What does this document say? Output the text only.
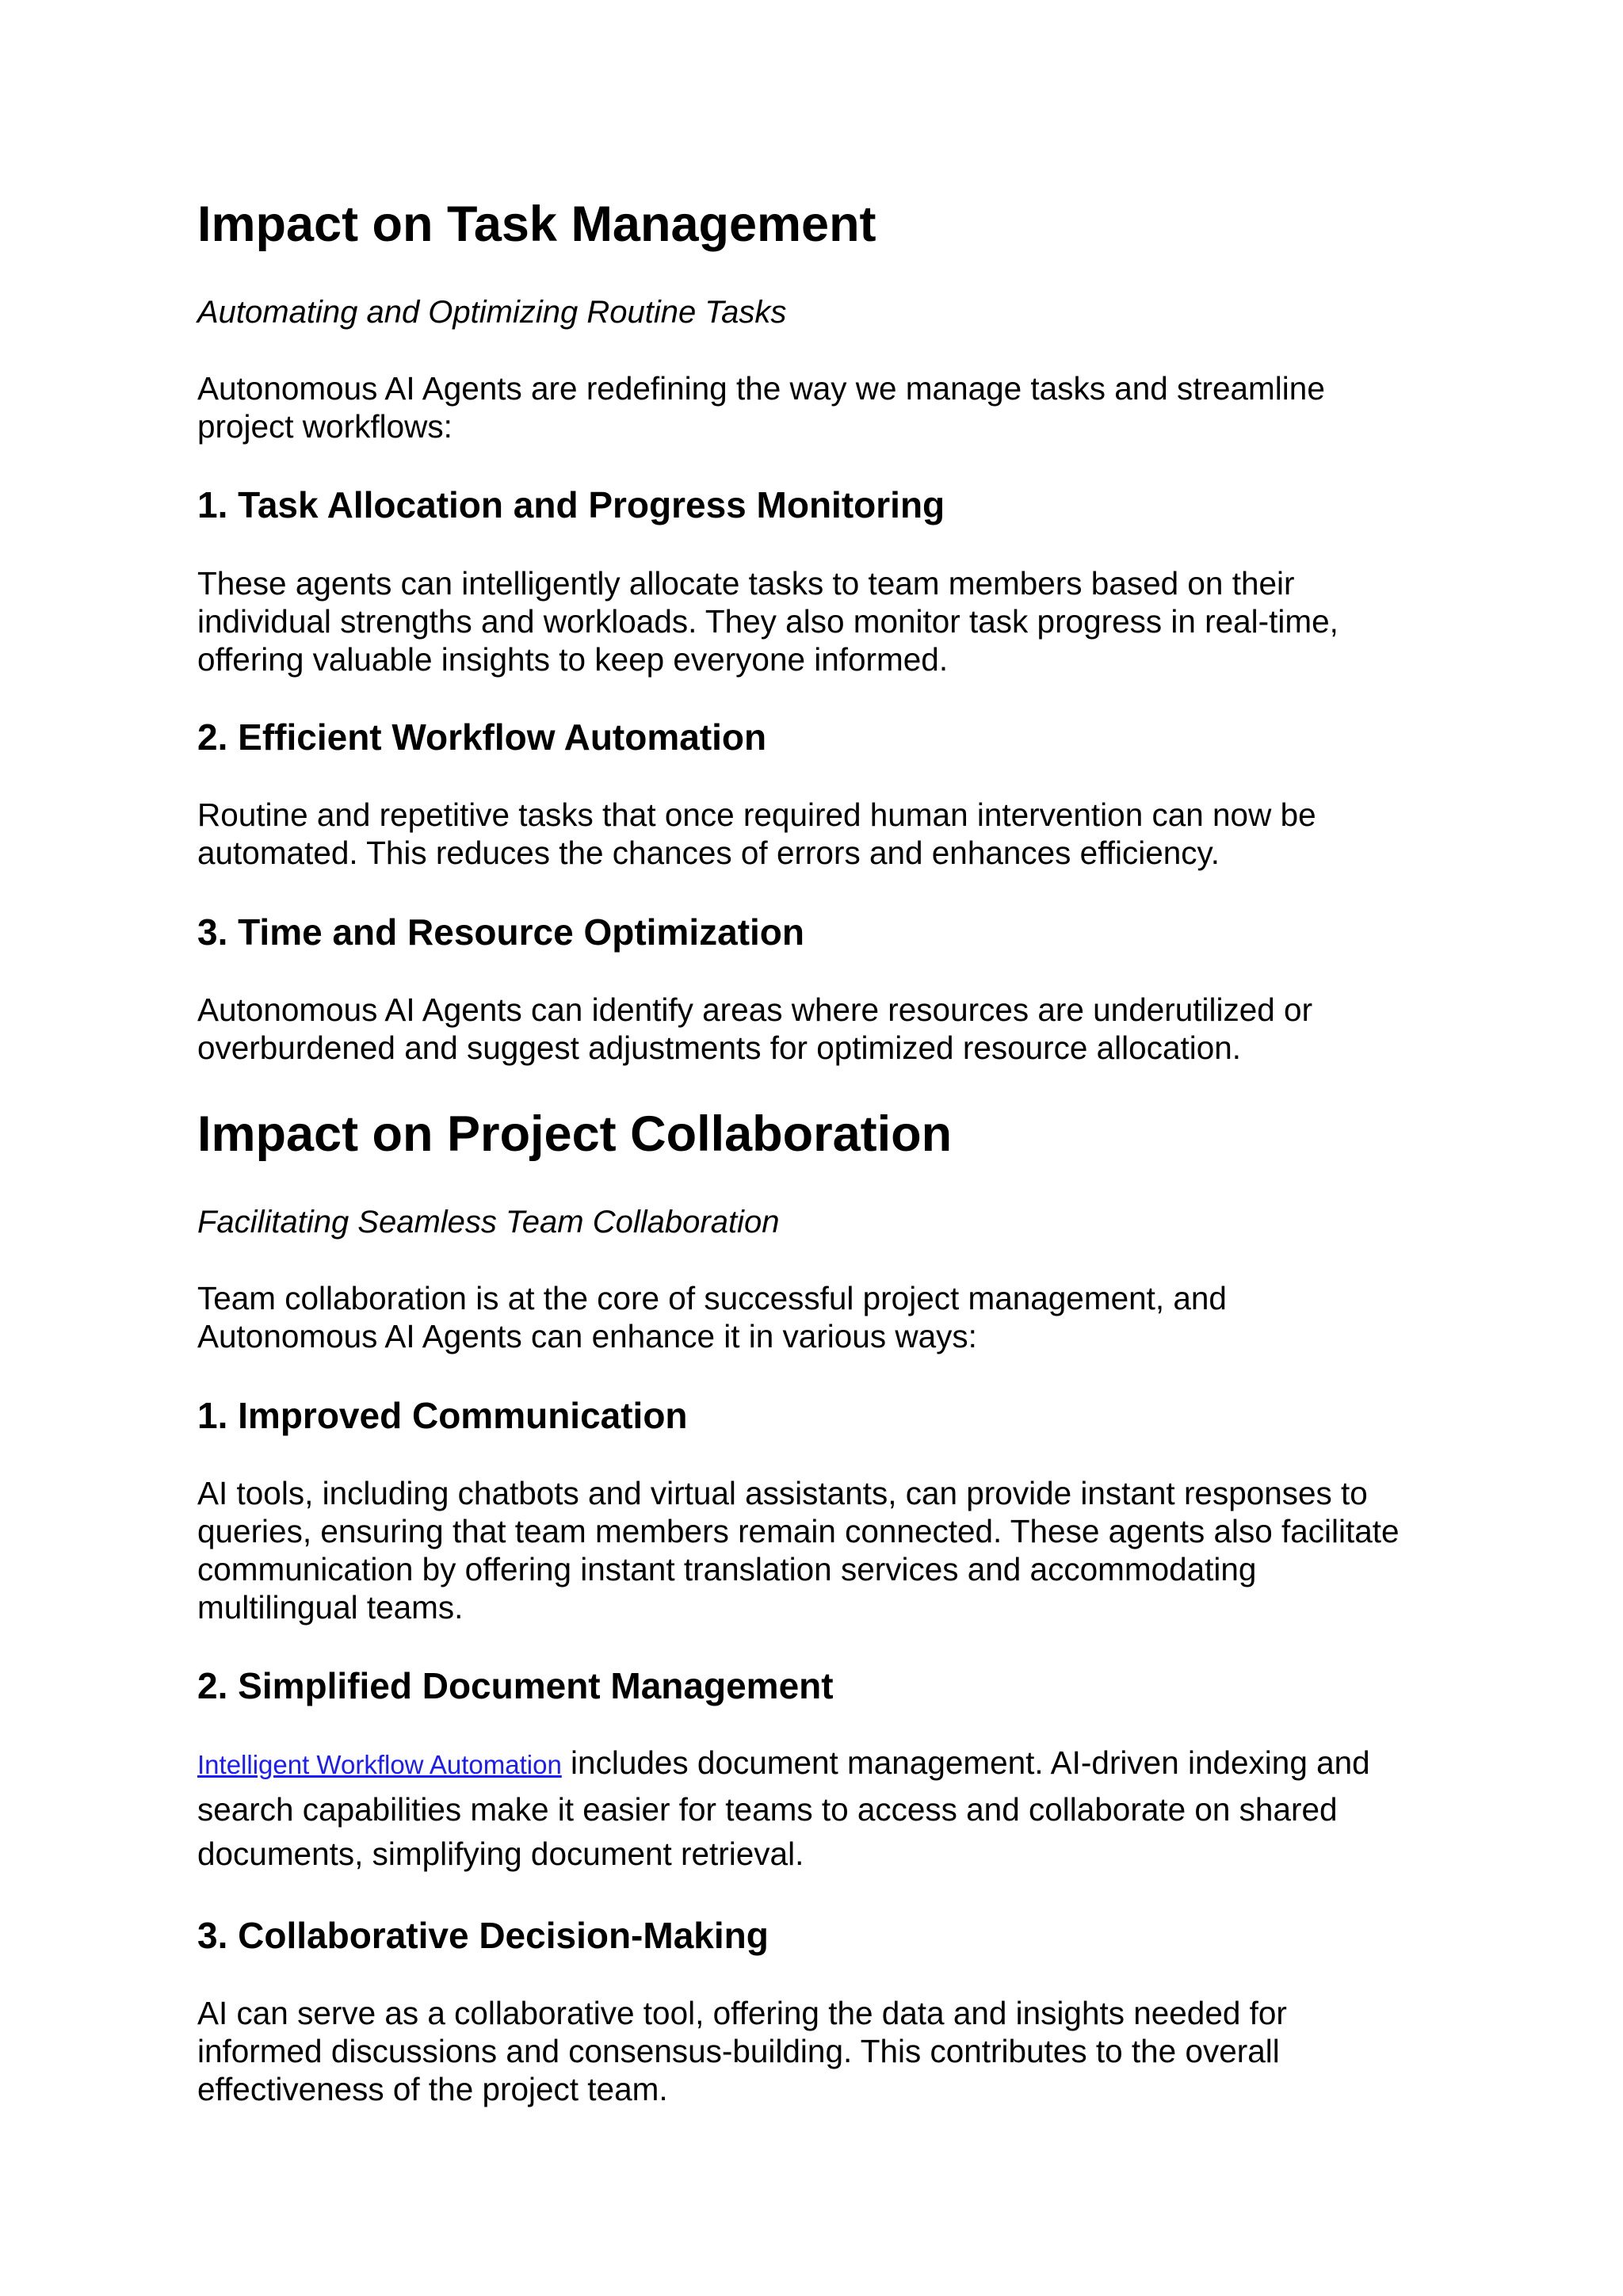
Impact on Task Management
Automating and Optimizing Routine Tasks
Autonomous AI Agents are redefining the way we manage tasks and streamline
project workflows:
1. Task Allocation and Progress Monitoring
These agents can intelligently allocate tasks to team members based on their
individual strengths and workloads. They also monitor task progress in real-time,
offering valuable insights to keep everyone informed.
2. Efficient Workflow Automation
Routine and repetitive tasks that once required human intervention can now be
automated. This reduces the chances of errors and enhances efficiency.
3. Time and Resource Optimization
Autonomous AI Agents can identify areas where resources are underutilized or
overburdened and suggest adjustments for optimized resource allocation.
Impact on Project Collaboration
Facilitating Seamless Team Collaboration
Team collaboration is at the core of successful project management, and
Autonomous AI Agents can enhance it in various ways:
1. Improved Communication
AI tools, including chatbots and virtual assistants, can provide instant responses to
queries, ensuring that team members remain connected. These agents also facilitate
communication by offering instant translation services and accommodating
multilingual teams.
2. Simplified Document Management
Intelligent Workflow Automation includes document management. AI-driven indexing and
search capabilities make it easier for teams to access and collaborate on shared
documents, simplifying document retrieval.
3. Collaborative Decision-Making
AI can serve as a collaborative tool, offering the data and insights needed for
informed discussions and consensus-building. This contributes to the overall
effectiveness of the project team.
